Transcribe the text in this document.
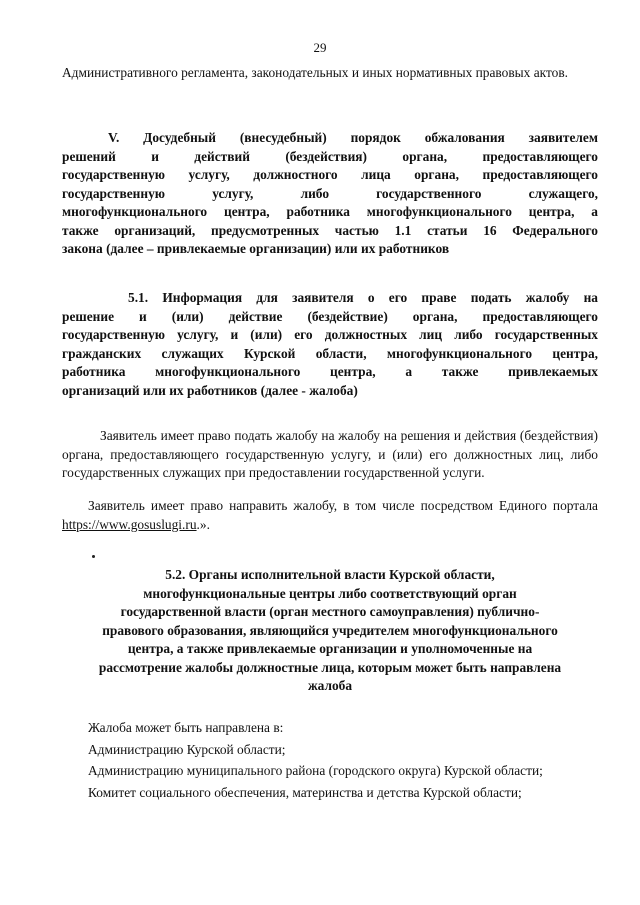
29
Административного регламента, законодательных и иных нормативных правовых актов.
V. Досудебный (внесудебный) порядок обжалования заявителем
решений и действий (бездействия) органа, предоставляющего
государственную услугу, должностного лица органа, предоставляющего
государственную услугу, либо государственного служащего,
многофункционального центра, работника многофункционального центра, а
также организаций, предусмотренных частью 1.1 статьи 16 Федерального
закона (далее – привлекаемые организации) или их работников
5.1. Информация для заявителя о его праве подать жалобу на
решение и (или) действие (бездействие) органа, предоставляющего
государственную услугу, и (или) его должностных лиц либо государственных
гражданских служащих Курской области, многофункционального центра,
работника многофункционального центра, а также привлекаемых
организаций или их работников (далее - жалоба)
Заявитель имеет право подать жалобу на жалобу на решения и действия (бездействия) органа, предоставляющего государственную услугу, и (или) его должностных лиц, либо государственных служащих при предоставлении государственной услуги.
Заявитель имеет право направить жалобу, в том числе посредством Единого портала https://www.gosuslugi.ru.».
5.2. Органы исполнительной власти Курской области,
многофункциональные центры либо соответствующий орган
государственной власти (орган местного самоуправления) публично-
правового образования, являющийся учредителем многофункционального
центра, а также привлекаемые организации и уполномоченные на
рассмотрение жалобы должностные лица, которым может быть направлена
жалоба
Жалоба может быть направлена в:
Администрацию Курской области;
Администрацию муниципального района (городского округа) Курской области;
Комитет социального обеспечения, материнства и детства Курской области;
